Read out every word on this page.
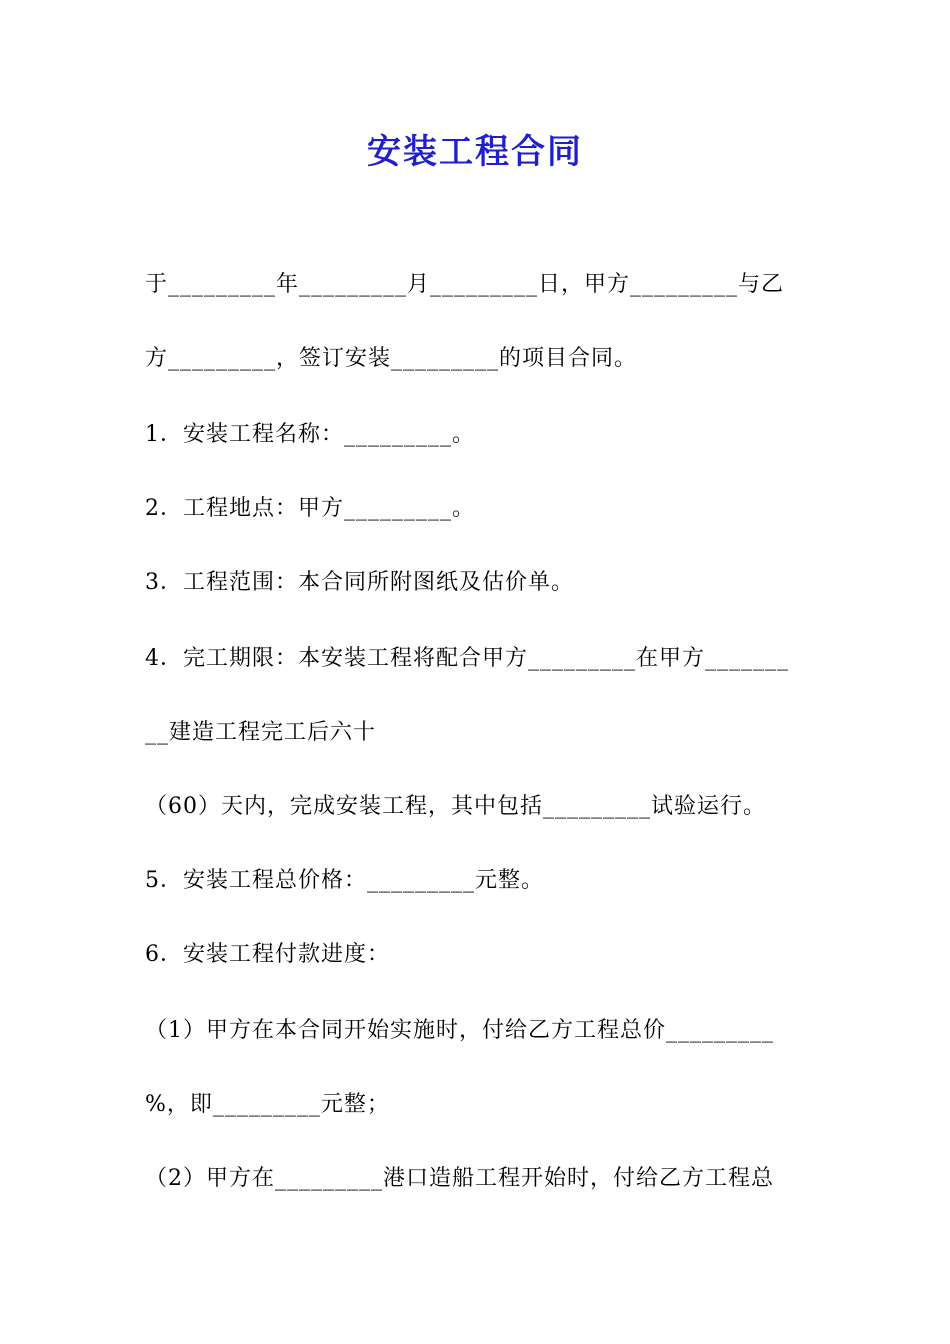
安装工程合同
于_________年_________月_________日，甲方_________与乙
方_________，签订安装_________的项目合同。
1．安装工程名称：_________。
2．工程地点：甲方_________。
3．工程范围：本合同所附图纸及估价单。
4．完工期限：本安装工程将配合甲方_________在甲方_______
__建造工程完工后六十
（60）天内，完成安装工程，其中包括_________试验运行。
5．安装工程总价格：_________元整。
6．安装工程付款进度：
（1）甲方在本合同开始实施时，付给乙方工程总价_________
%，即_________元整；
（2）甲方在_________港口造船工程开始时，付给乙方工程总
